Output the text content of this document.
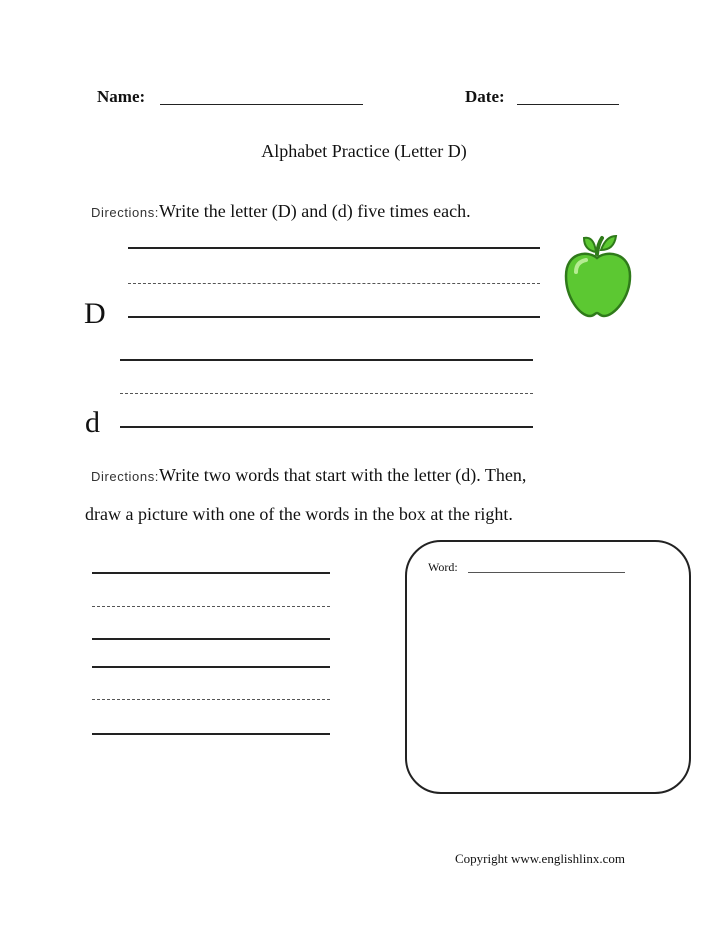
Name:	Date:
Alphabet Practice (Letter D)
Directions:Write the letter (D) and (d) five times each.
D
d
Directions:Write two words that start with the letter (d). Then,
draw a picture with one of the words in the box at the right.
Word:
Copyright www.englishlinx.com
